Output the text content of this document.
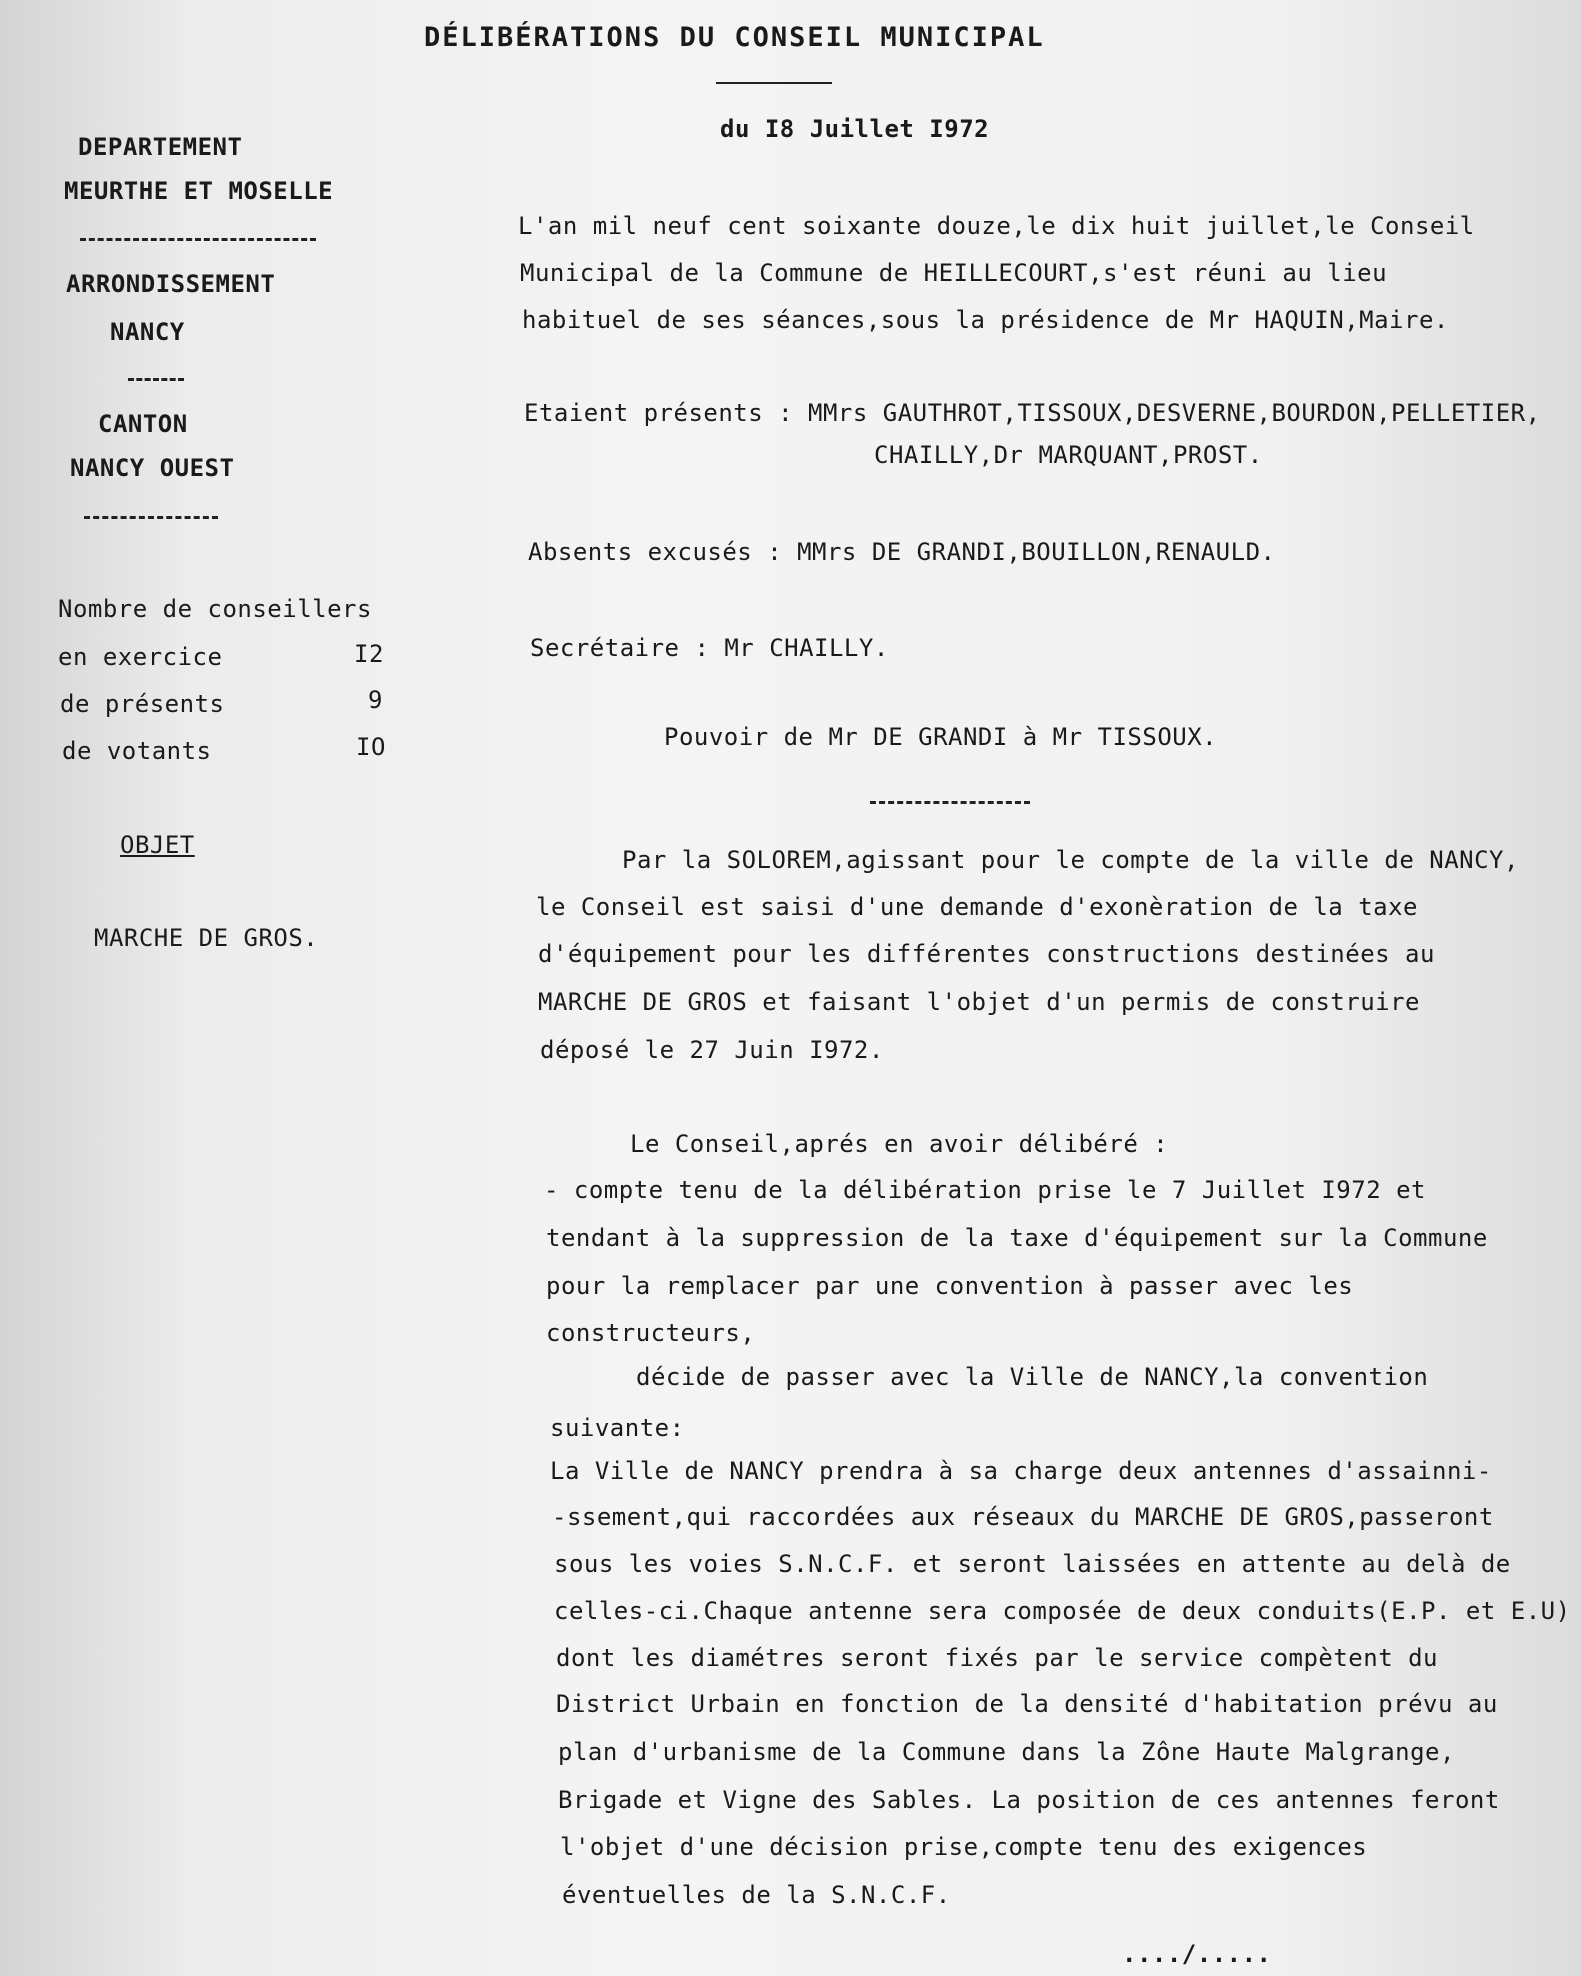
DÉLIBÉRATIONS DU CONSEIL MUNICIPAL
du I8 Juillet I972
DEPARTEMENT
MEURTHE ET MOSELLE
ARRONDISSEMENT
NANCY
CANTON
NANCY OUEST
Nombre de conseillers
en exercice	I2
de présents	9
de votants	IO
OBJET
MARCHE DE GROS.
L'an mil neuf cent soixante douze,le dix huit juillet,le Conseil
Municipal de la Commune de HEILLECOURT,s'est réuni au lieu
habituel de ses séances,sous la présidence de Mr HAQUIN,Maire.
Etaient présents : MMrs GAUTHROT,TISSOUX,DESVERNE,BOURDON,PELLETIER,
CHAILLY,Dr MARQUANT,PROST.
Absents excusés : MMrs DE GRANDI,BOUILLON,RENAULD.
Secrétaire : Mr CHAILLY.
Pouvoir de Mr DE GRANDI à Mr TISSOUX.
Par la SOLOREM,agissant pour le compte de la ville de NANCY,
le Conseil est saisi d'une demande d'exonèration de la taxe
d'équipement pour les différentes constructions destinées au
MARCHE DE GROS et faisant l'objet d'un permis de construire
déposé le 27 Juin I972.
Le Conseil,aprés en avoir délibéré :
- compte tenu de la délibération prise le 7 Juillet I972 et
tendant à la suppression de la taxe d'équipement sur la Commune
pour la remplacer par une convention à passer avec les
constructeurs,
décide de passer avec la Ville de NANCY,la convention
suivante:
La Ville de NANCY prendra à sa charge deux antennes d'assainni-
-ssement,qui raccordées aux réseaux du MARCHE DE GROS,passeront
sous les voies S.N.C.F. et seront laissées en attente au delà de
celles-ci.Chaque antenne sera composée de deux conduits(E.P. et E.U)
dont les diamétres seront fixés par le service compètent du
District Urbain en fonction de la densité d'habitation prévu au
plan d'urbanisme de la Commune dans la Zône Haute Malgrange,
Brigade et Vigne des Sables. La position de ces antennes feront
l'objet d'une décision prise,compte tenu des exigences
éventuelles de la S.N.C.F.
..../.....
